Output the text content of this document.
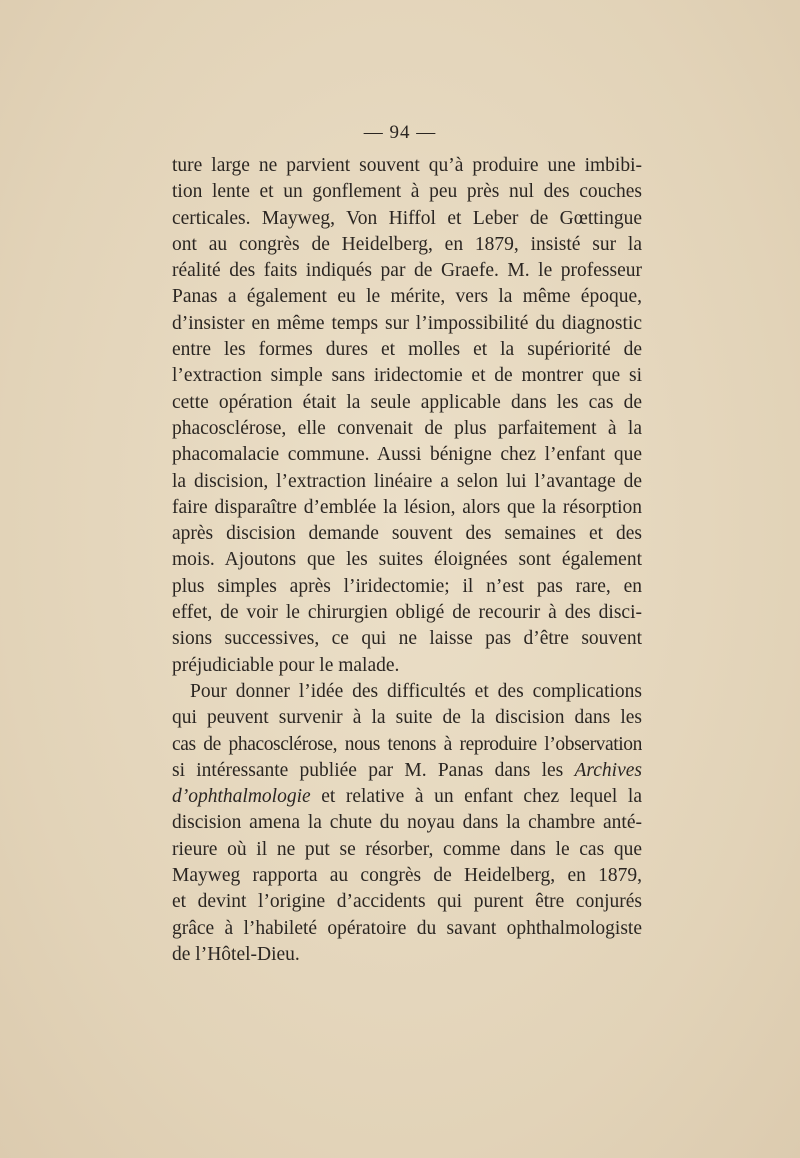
— 94 —
ture large ne parvient souvent qu’à produire une imbibi-
tion lente et un gonflement à peu près nul des couches
certicales. Mayweg, Von Hiffol et Leber de Gœttingue
ont au congrès de Heidelberg, en 1879, insisté sur la
réalité des faits indiqués par de Graefe. M. le professeur
Panas a également eu le mérite, vers la même époque,
d’insister en même temps sur l’impossibilité du diagnostic
entre les formes dures et molles et la supériorité de
l’extraction simple sans iridectomie et de montrer que si
cette opération était la seule applicable dans les cas de
phacosclérose, elle convenait de plus parfaitement à la
phacomalacie commune. Aussi bénigne chez l’enfant que
la discision, l’extraction linéaire a selon lui l’avantage de
faire disparaître d’emblée la lésion, alors que la résorption
après discision demande souvent des semaines et des
mois. Ajoutons que les suites éloignées sont également
plus simples après l’iridectomie; il n’est pas rare, en
effet, de voir le chirurgien obligé de recourir à des disci-
sions successives, ce qui ne laisse pas d’être souvent
préjudiciable pour le malade.
Pour donner l’idée des difficultés et des complications
qui peuvent survenir à la suite de la discision dans les
cas de phacosclérose, nous tenons à reproduire l’observation
si intéressante publiée par M. Panas dans les Archives
d’ophthalmologie et relative à un enfant chez lequel la
discision amena la chute du noyau dans la chambre anté-
rieure où il ne put se résorber, comme dans le cas que
Mayweg rapporta au congrès de Heidelberg, en 1879,
et devint l’origine d’accidents qui purent être conjurés
grâce à l’habileté opératoire du savant ophthalmologiste
de l’Hôtel-Dieu.
